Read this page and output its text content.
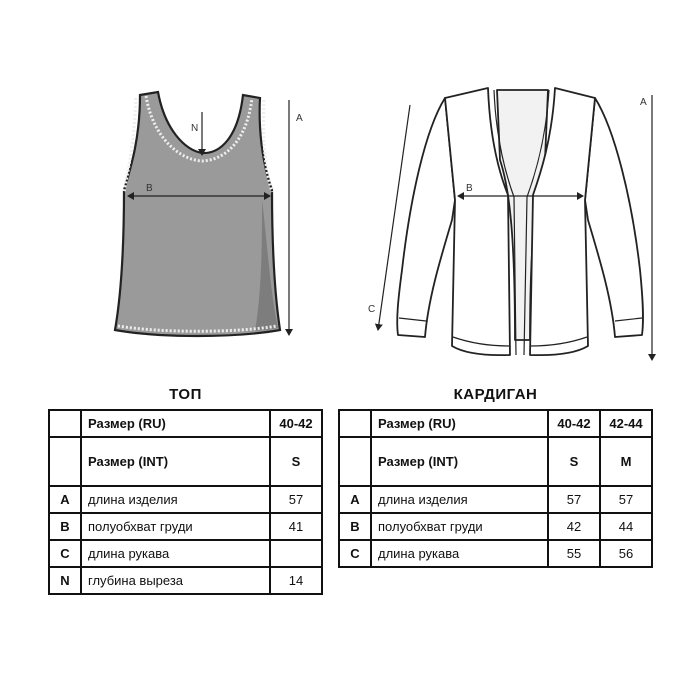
N
B
A
B
C
A
ТОП
	Размер (RU)	40-42
	Размер (INT)	S
A	длина изделия	57
B	полуобхват груди	41
C	длина рукава	
N	глубина выреза	14
КАРДИГАН
	Размер (RU)	40-42	42-44
	Размер (INT)	S	M
A	длина изделия	57	57
B	полуобхват груди	42	44
C	длина рукава	55	56
